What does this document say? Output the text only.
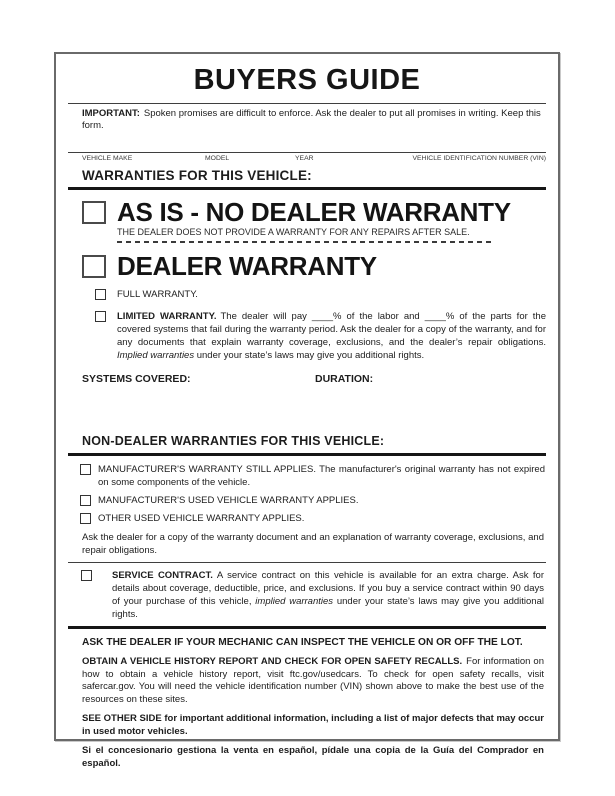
BUYERS GUIDE

IMPORTANT: Spoken promises are difficult to enforce. Ask the dealer to put all promises in writing. Keep this form.

VEHICLE MAKE	MODEL	YEAR	VEHICLE IDENTIFICATION NUMBER (VIN)
WARRANTIES FOR THIS VEHICLE:
AS IS - NO DEALER WARRANTY
THE DEALER DOES NOT PROVIDE A WARRANTY FOR ANY REPAIRS AFTER SALE.
DEALER WARRANTY
FULL WARRANTY.
LIMITED WARRANTY. The dealer will pay ____% of the labor and ____% of the parts for the covered systems that fail during the warranty period. Ask the dealer for a copy of the warranty, and for any documents that explain warranty coverage, exclusions, and the dealer’s repair obligations. Implied warranties under your state’s laws may give you additional rights.
SYSTEMS COVERED:	DURATION:
NON-DEALER WARRANTIES FOR THIS VEHICLE:
MANUFACTURER'S WARRANTY STILL APPLIES. The manufacturer's original warranty has not expired on some components of the vehicle.
MANUFACTURER'S USED VEHICLE WARRANTY APPLIES.
OTHER USED VEHICLE WARRANTY APPLIES.

Ask the dealer for a copy of the warranty document and an explanation of warranty coverage, exclusions, and repair obligations.

SERVICE CONTRACT. A service contract on this vehicle is available for an extra charge. Ask for details about coverage, deductible, price, and exclusions. If you buy a service contract within 90 days of your purchase of this vehicle, implied warranties under your state’s laws may give you additional rights.

ASK THE DEALER IF YOUR MECHANIC CAN INSPECT THE VEHICLE ON OR OFF THE LOT.

OBTAIN A VEHICLE HISTORY REPORT AND CHECK FOR OPEN SAFETY RECALLS. For information on how to obtain a vehicle history report, visit ftc.gov/usedcars. To check for open safety recalls, visit safercar.gov. You will need the vehicle identification number (VIN) shown above to make the best use of the resources on these sites.

SEE OTHER SIDE for important additional information, including a list of major defects that may occur in used motor vehicles.

Si el concesionario gestiona la venta en español, pídale una copia de la Guía del Comprador en español.
